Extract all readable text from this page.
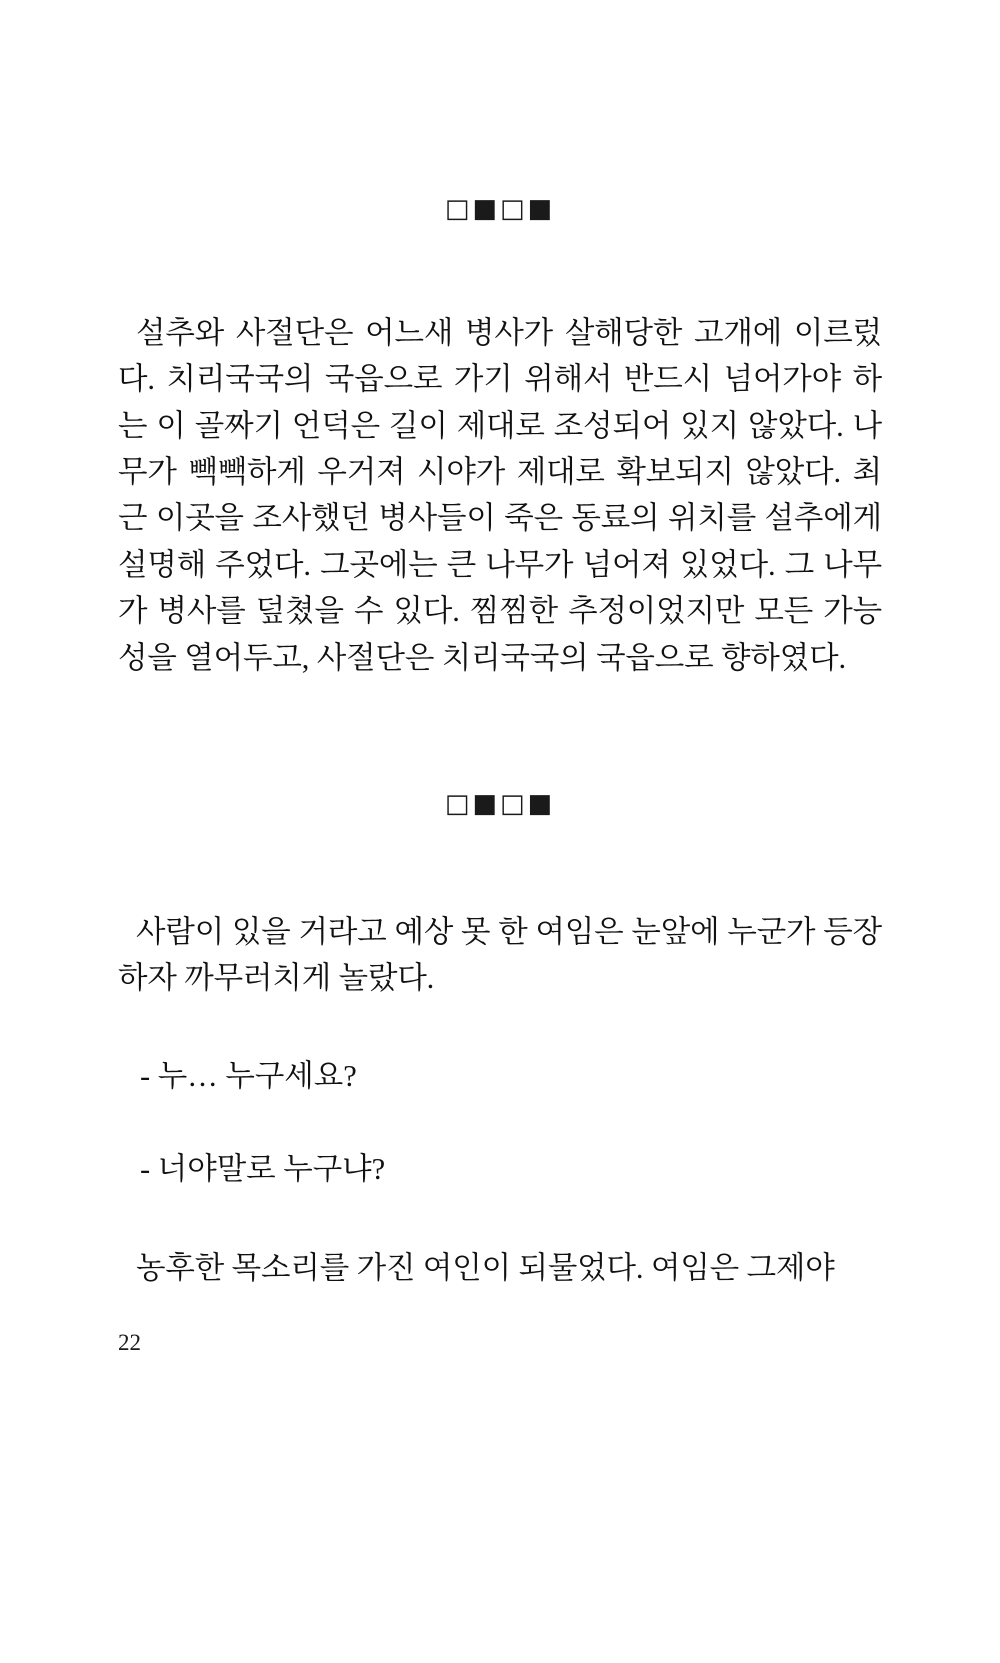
□■□■

설추와 사절단은 어느새 병사가 살해당한 고개에 이르렀다. 치리국국의 국읍으로 가기 위해서 반드시 넘어가야 하는 이 골짜기 언덕은 길이 제대로 조성되어 있지 않았다. 나무가 빽빽하게 우거져 시야가 제대로 확보되지 않았다. 최근 이곳을 조사했던 병사들이 죽은 동료의 위치를 설추에게 설명해 주었다. 그곳에는 큰 나무가 넘어져 있었다. 그 나무가 병사를 덮쳤을 수 있다. 찜찜한 추정이었지만 모든 가능성을 열어두고, 사절단은 치리국국의 국읍으로 향하였다.

□■□■

사람이 있을 거라고 예상 못 한 여임은 눈앞에 누군가 등장하자 까무러치게 놀랐다.

- 누… 누구세요?

- 너야말로 누구냐?

농후한 목소리를 가진 여인이 되물었다. 여임은 그제야

22
